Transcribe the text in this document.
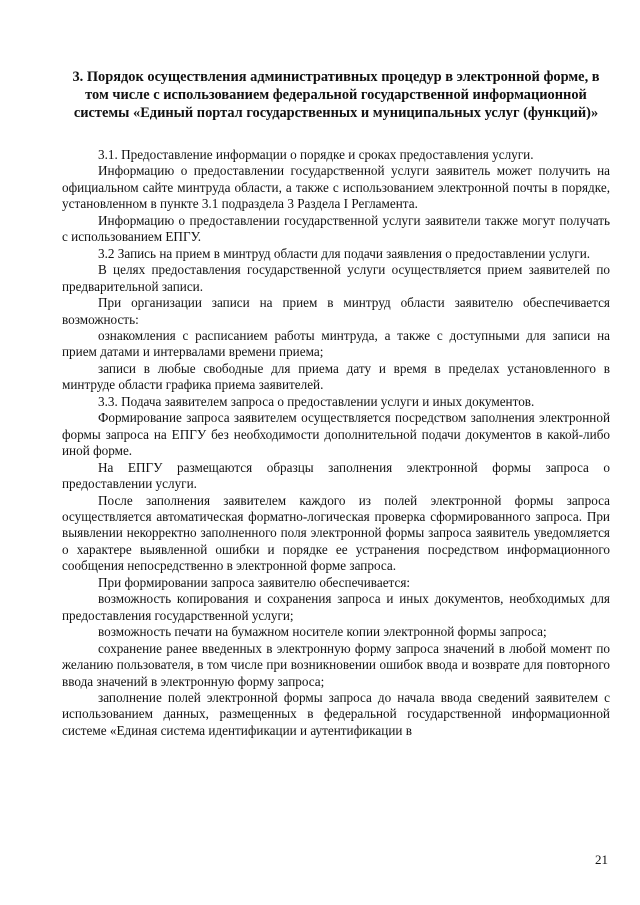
3. Порядок осуществления административных процедур в электронной форме, в том числе с использованием федеральной государственной информационной системы «Единый портал государственных и муниципальных услуг (функций)»

3.1. Предоставление информации о порядке и сроках предоставления услуги.

Информацию о предоставлении государственной услуги заявитель может получить на официальном сайте минтруда области, а также с использованием электронной почты в порядке, установленном в пункте 3.1 подраздела 3 Раздела I Регламента.

Информацию о предоставлении государственной услуги заявители также могут получать с использованием ЕПГУ.

3.2 Запись на прием в минтруд области для подачи заявления о предоставлении услуги.

В целях предоставления государственной услуги осуществляется прием заявителей по предварительной записи.

При организации записи на прием в минтруд области заявителю обеспечивается возможность:

ознакомления с расписанием работы минтруда, а также с доступными для записи на прием датами и интервалами времени приема;

записи в любые свободные для приема дату и время в пределах установленного в минтруде области графика приема заявителей.

3.3. Подача заявителем запроса о предоставлении услуги и иных документов.

Формирование запроса заявителем осуществляется посредством заполнения электронной формы запроса на ЕПГУ без необходимости дополнительной подачи документов в какой-либо иной форме.

На ЕПГУ размещаются образцы заполнения электронной формы запроса о предоставлении услуги.

После заполнения заявителем каждого из полей электронной формы запроса осуществляется автоматическая форматно-логическая проверка сформированного запроса. При выявлении некорректно заполненного поля электронной формы запроса заявитель уведомляется о характере выявленной ошибки и порядке ее устранения посредством информационного сообщения непосредственно в электронной форме запроса.

При формировании запроса заявителю обеспечивается:

возможность копирования и сохранения запроса и иных документов, необходимых для предоставления государственной услуги;

возможность печати на бумажном носителе копии электронной формы запроса;

сохранение ранее введенных в электронную форму запроса значений в любой момент по желанию пользователя, в том числе при возникновении ошибок ввода и возврате для повторного ввода значений в электронную форму запроса;

заполнение полей электронной формы запроса до начала ввода сведений заявителем с использованием данных, размещенных в федеральной государственной информационной системе «Единая система идентификации и аутентификации в

21
